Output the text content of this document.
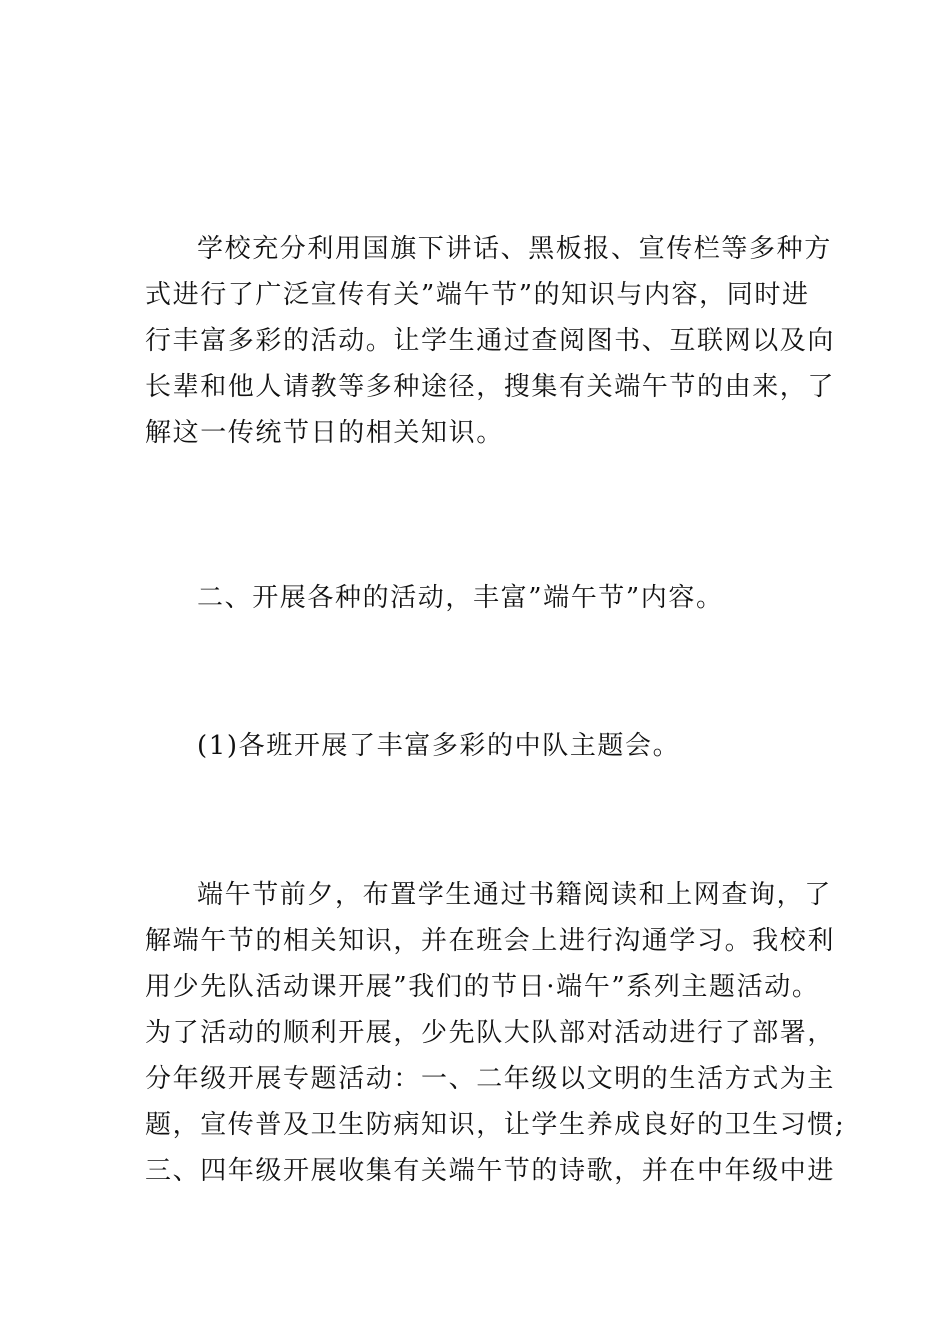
学校充分利用国旗下讲话、黑板报、宣传栏等多种方
式进行了广泛宣传有关”端午节”的知识与内容，同时进
行丰富多彩的活动。让学生通过查阅图书、互联网以及向
长辈和他人请教等多种途径，搜集有关端午节的由来，了
解这一传统节日的相关知识。

二、开展各种的活动，丰富”端午节”内容。

(1)各班开展了丰富多彩的中队主题会。

端午节前夕，布置学生通过书籍阅读和上网查询，了
解端午节的相关知识，并在班会上进行沟通学习。我校利
用少先队活动课开展”我们的节日·端午”系列主题活动。
为了活动的顺利开展，少先队大队部对活动进行了部署，
分年级开展专题活动：一、二年级以文明的生活方式为主
题，宣传普及卫生防病知识，让学生养成良好的卫生习惯;
三、四年级开展收集有关端午节的诗歌，并在中年级中进
